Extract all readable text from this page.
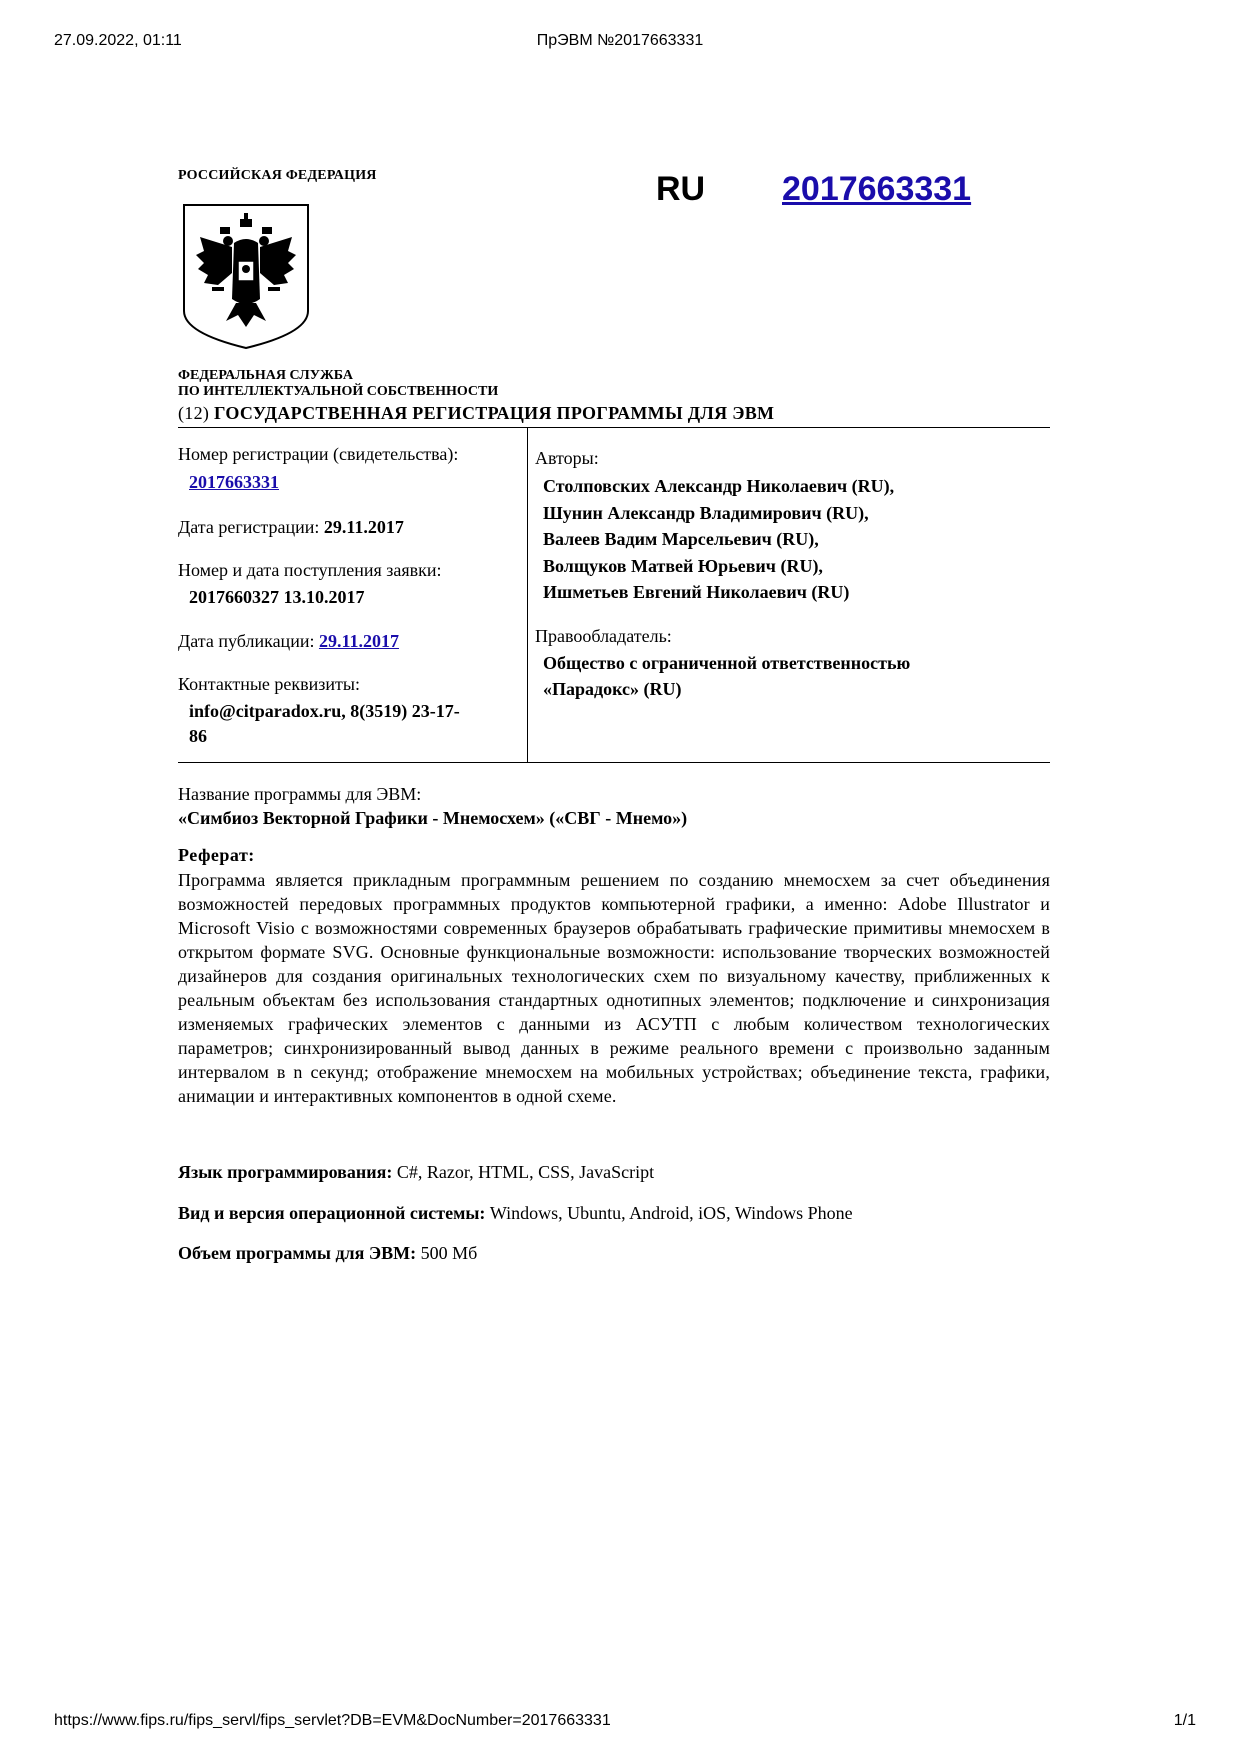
27.09.2022, 01:11	ПрЭВМ №2017663331
https://www.fips.ru/fips_servl/fips_servlet?DB=EVM&DocNumber=2017663331	1/1
РОССИЙСКАЯ ФЕДЕРАЦИЯ	RU 2017663331
ФЕДЕРАЛЬНАЯ СЛУЖБА
ПО ИНТЕЛЛЕКТУАЛЬНОЙ СОБСТВЕННОСТИ
(12) ГОСУДАРСТВЕННАЯ РЕГИСТРАЦИЯ ПРОГРАММЫ ДЛЯ ЭВМ
Номер регистрации (свидетельства):
2017663331
Дата регистрации: 29.11.2017
Номер и дата поступления заявки:
2017660327 13.10.2017
Дата публикации: 29.11.2017
Контактные реквизиты:
info@citparadox.ru, 8(3519) 23-17-
86
Авторы:
Столповских Александр Николаевич (RU),
Шунин Александр Владимирович (RU),
Валеев Вадим Марсельевич (RU),
Волщуков Матвей Юрьевич (RU),
Ишметьев Евгений Николаевич (RU)
Правообладатель:
Общество с ограниченной ответственностью
«Парадокс» (RU)
Название программы для ЭВМ:
«Симбиоз Векторной Графики - Мнемосхем» («СВГ - Мнемо»)
Реферат:
Программа является прикладным программным решением по созданию мнемосхем за счет объединения возможностей передовых программных продуктов компьютерной графики, а именно: Adobe Illustrator и Microsoft Visio с возможностями современных браузеров обрабатывать графические примитивы мнемосхем в открытом формате SVG. Основные функциональные возможности: использование творческих возможностей дизайнеров для создания оригинальных технологических схем по визуальному качеству, приближенных к реальным объектам без использования стандартных однотипных элементов; подключение и синхронизация изменяемых графических элементов с данными из АСУТП с любым количеством технологических параметров; синхронизированный вывод данных в режиме реального времени с произвольно заданным интервалом в n секунд; отображение мнемосхем на мобильных устройствах; объединение текста, графики, анимации и интерактивных компонентов в одной схеме.
Язык программирования: C#, Razor, HTML, CSS, JavaScript
Вид и версия операционной системы: Windows, Ubuntu, Android, iOS, Windows Phone
Объем программы для ЭВМ: 500 Мб
